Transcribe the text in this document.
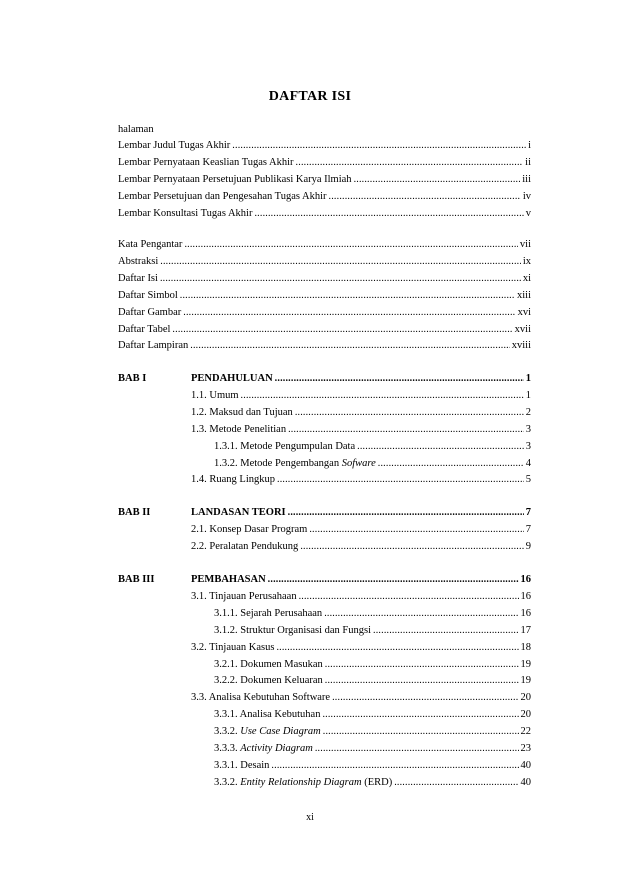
DAFTAR ISI
halaman
Lembar Judul Tugas Akhir .....	i
Lembar Pernyataan Keaslian Tugas Akhir .....	ii
Lembar Pernyataan Persetujuan Publikasi Karya Ilmiah .....	iii
Lembar Persetujuan dan Pengesahan Tugas Akhir .....	iv
Lembar Konsultasi Tugas Akhir .....	v
Kata Pengantar .....	vii
Abstraksi .....	ix
Daftar Isi .....	xi
Daftar Simbol .....	xiii
Daftar Gambar .....	xvi
Daftar Tabel .....	xvii
Daftar Lampiran .....	xviii
BAB I	PENDAHULUAN .....	1
1.1. Umum .....	1
1.2. Maksud dan Tujuan .....	2
1.3. Metode Penelitian .....	3
1.3.1. Metode Pengumpulan Data .....	3
1.3.2. Metode Pengembangan Sofware .....	4
1.4. Ruang Lingkup .....	5
BAB II	LANDASAN TEORI .....	7
2.1. Konsep Dasar Program .....	7
2.2. Peralatan Pendukung .....	9
BAB III	PEMBAHASAN .....	16
3.1. Tinjauan Perusahaan .....	16
3.1.1. Sejarah Perusahaan .....	16
3.1.2. Struktur Organisasi dan Fungsi .....	17
3.2. Tinjauan Kasus .....	18
3.2.1. Dokumen Masukan .....	19
3.2.2. Dokumen Keluaran .....	19
3.3. Analisa Kebutuhan Software .....	20
3.3.1. Analisa Kebutuhan .....	20
3.3.2. Use Case Diagram .....	22
3.3.3. Activity Diagram .....	23
3.3.1. Desain .....	40
3.3.2. Entity Relationship Diagram (ERD) .....	40
xi
